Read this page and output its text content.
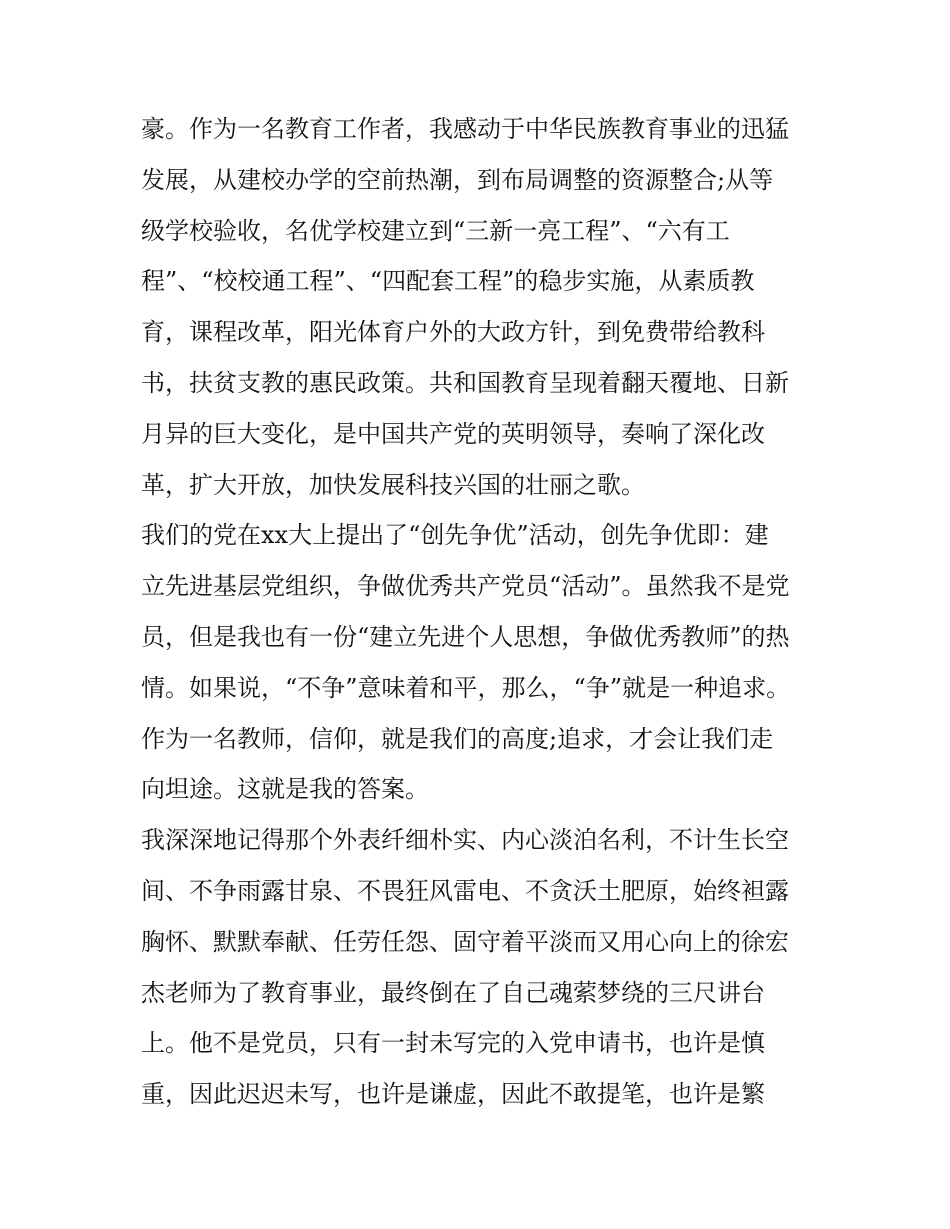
豪。作为一名教育工作者，我感动于中华民族教育事业的迅猛
发展，从建校办学的空前热潮，到布局调整的资源整合;从等
级学校验收，名优学校建立到“三新一亮工程”、“六有工
程”、“校校通工程”、“四配套工程”的稳步实施，从素质教
育，课程改革，阳光体育户外的大政方针，到免费带给教科
书，扶贫支教的惠民政策。共和国教育呈现着翻天覆地、日新
月异的巨大变化，是中国共产党的英明领导，奏响了深化改
革，扩大开放，加快发展科技兴国的壮丽之歌。
我们的党在xx大上提出了“创先争优”活动，创先争优即：建
立先进基层党组织，争做优秀共产党员“活动”。虽然我不是党
员，但是我也有一份“建立先进个人思想，争做优秀教师”的热
情。如果说，“不争”意味着和平，那么，“争”就是一种追求。
作为一名教师，信仰，就是我们的高度;追求，才会让我们走
向坦途。这就是我的答案。
我深深地记得那个外表纤细朴实、内心淡泊名利，不计生长空
间、不争雨露甘泉、不畏狂风雷电、不贪沃土肥原，始终袒露
胸怀、默默奉献、任劳任怨、固守着平淡而又用心向上的徐宏
杰老师为了教育事业，最终倒在了自己魂萦梦绕的三尺讲台
上。他不是党员，只有一封未写完的入党申请书，也许是慎
重，因此迟迟未写，也许是谦虚，因此不敢提笔，也许是繁
